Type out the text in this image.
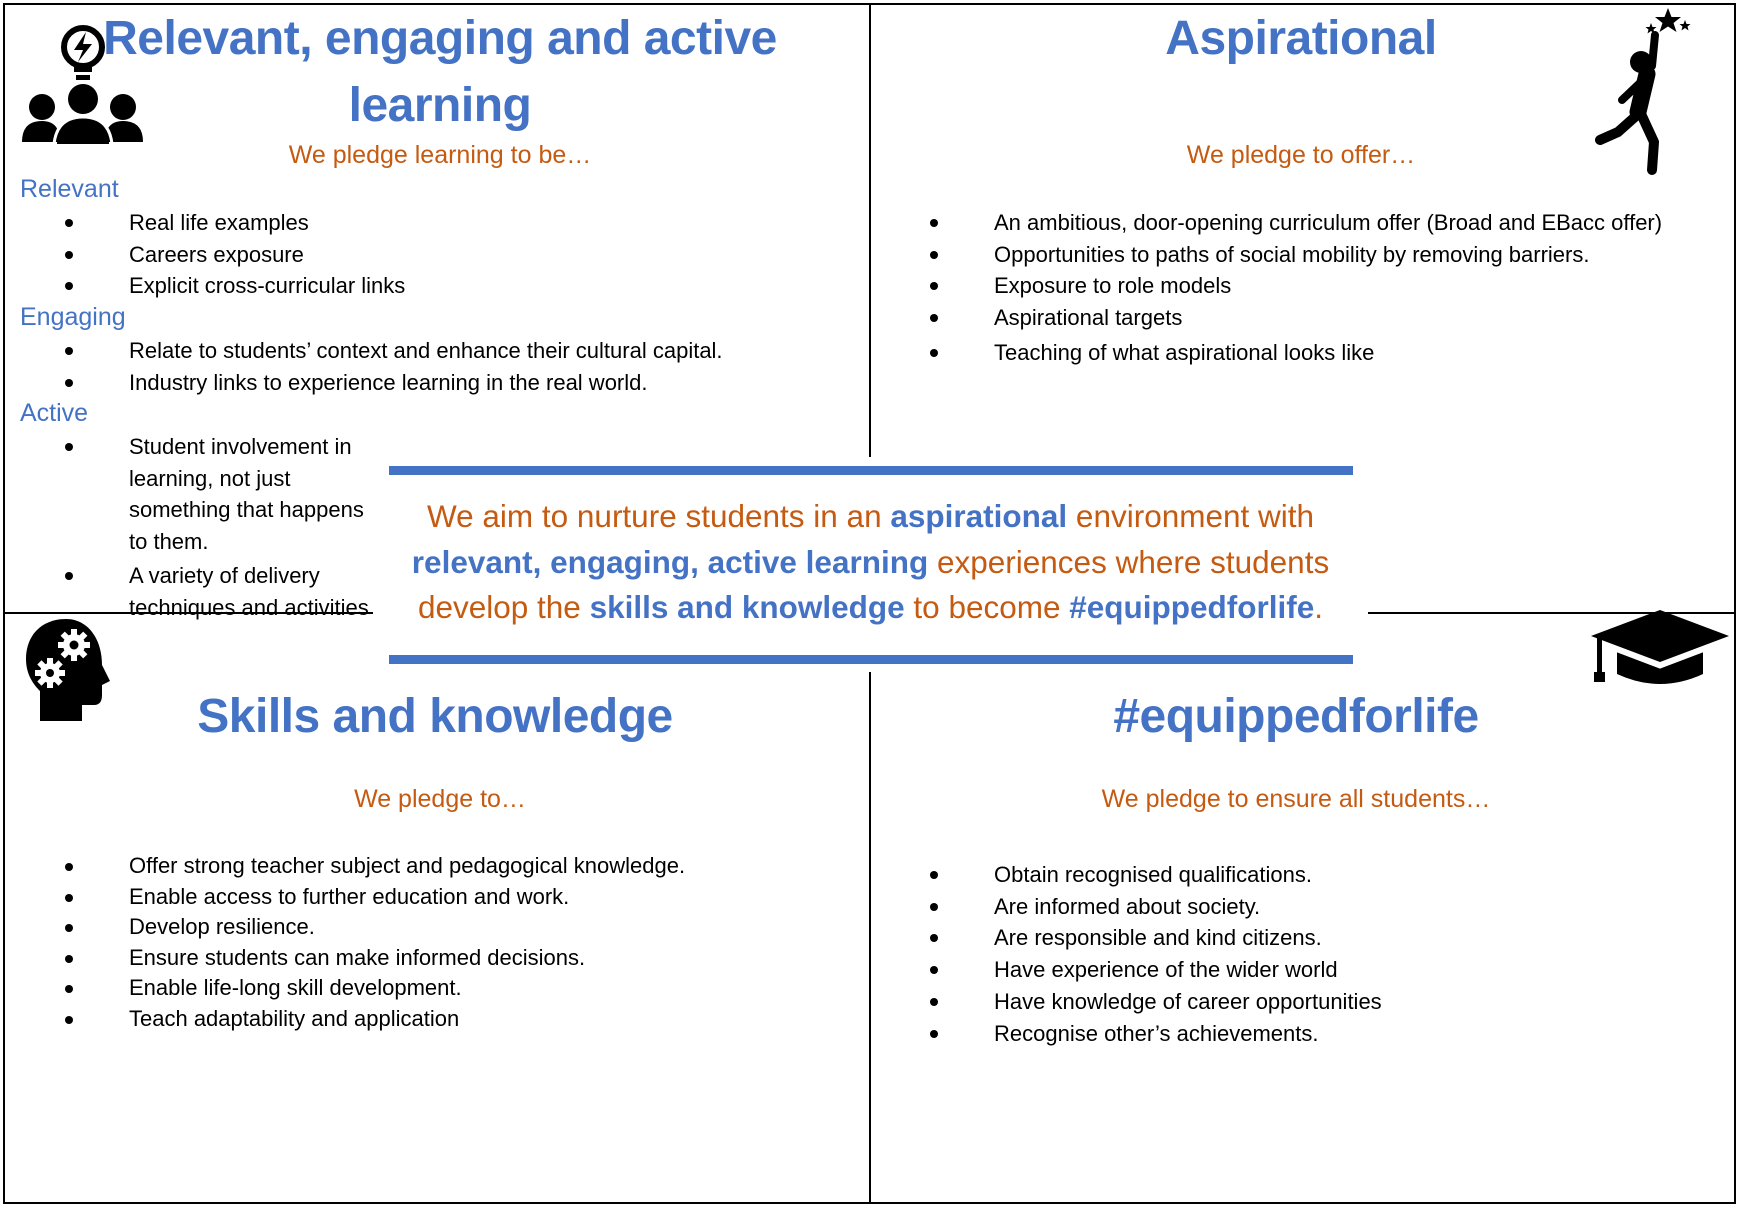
Relevant, engaging and active
learning
We pledge learning to be…
Relevant
Real life examples
Careers exposure
Explicit cross-curricular links
Engaging
Relate to students’ context and enhance their cultural capital.
Industry links to experience learning in the real world.
Active
Student involvement in
learning, not just
something that happens
to them.
A variety of delivery
techniques and activities
Aspirational
We pledge to offer…
An ambitious, door-opening curriculum offer (Broad and EBacc offer)
Opportunities to paths of social mobility by removing barriers.
Exposure to role models
Aspirational targets
Teaching of what aspirational looks like
We aim to nurture students in an aspirational environment with relevant, engaging, active learning experiences where students develop the skills and knowledge to become #equippedforlife.
Skills and knowledge
We pledge to…
Offer strong teacher subject and pedagogical knowledge.
Enable access to further education and work.
Develop resilience.
Ensure students can make informed decisions.
Enable life-long skill development.
Teach adaptability and application
#equippedforlife
We pledge to ensure all students…
Obtain recognised qualifications.
Are informed about society.
Are responsible and kind citizens.
Have experience of the wider world
Have knowledge of career opportunities
Recognise other’s achievements.
